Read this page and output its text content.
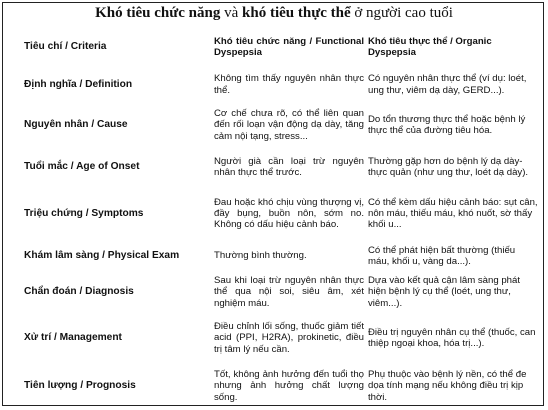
Khó tiêu chức năng và khó tiêu thực thể ở người cao tuổi
Tiêu chí / Criteria	Khó tiêu chức năng / Functional Dyspepsia	Khó tiêu thực thể / Organic Dyspepsia
Định nghĩa / Definition	Không tìm thấy nguyên nhân thực thể.	Có nguyên nhân thực thể (ví dụ: loét, ung thư, viêm dạ dày, GERD...).
Nguyên nhân / Cause	Cơ chế chưa rõ, có thể liên quan đến rối loạn vận động dạ dày, tăng cảm nội tạng, stress...	Do tổn thương thực thể hoặc bệnh lý thực thể của đường tiêu hóa.
Tuổi mắc / Age of Onset	Người già cần loại trừ nguyên nhân thực thể trước.	Thường gặp hơn do bệnh lý dạ dày-thực quản (như ung thư, loét dạ dày).
Triệu chứng / Symptoms	Đau hoặc khó chịu vùng thượng vị, đầy bụng, buồn nôn, sớm no. Không có dấu hiệu cảnh báo.	Có thể kèm dấu hiệu cảnh báo: sụt cân, nôn máu, thiếu máu, khó nuốt, sờ thấy khối u...
Khám lâm sàng / Physical Exam	Thường bình thường.	Có thể phát hiện bất thường (thiếu máu, khối u, vàng da...).
Chẩn đoán / Diagnosis	Sau khi loại trừ nguyên nhân thực thể qua nội soi, siêu âm, xét nghiệm máu.	Dựa vào kết quả cận lâm sàng phát hiện bệnh lý cụ thể (loét, ung thư, viêm...).
Xử trí / Management	Điều chỉnh lối sống, thuốc giảm tiết acid (PPI, H2RA), prokinetic, điều trị tâm lý nếu cần.	Điều trị nguyên nhân cụ thể (thuốc, can thiệp ngoại khoa, hóa trị...).
Tiên lượng / Prognosis	Tốt, không ảnh hưởng đến tuổi thọ nhưng ảnh hưởng chất lượng sống.	Phụ thuộc vào bệnh lý nền, có thể đe dọa tính mạng nếu không điều trị kịp thời.
